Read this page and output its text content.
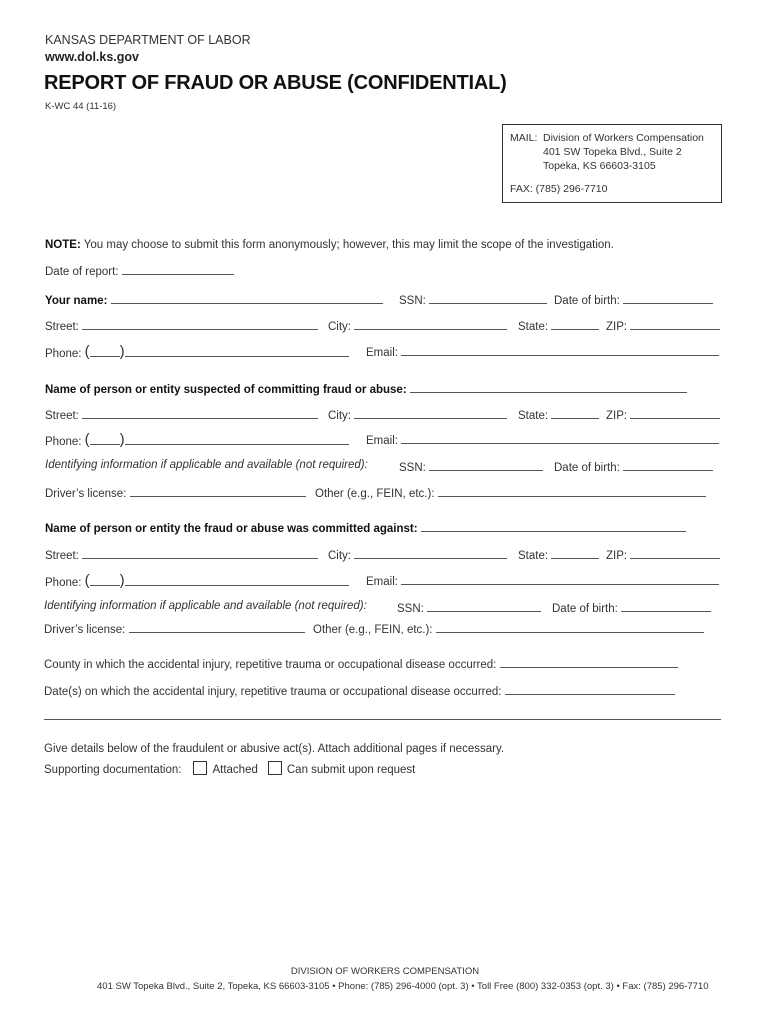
KANSAS DEPARTMENT OF LABOR
www.dol.ks.gov
REPORT OF FRAUD OR ABUSE (CONFIDENTIAL)
K-WC 44 (11-16)
MAIL: Division of Workers Compensation
401 SW Topeka Blvd., Suite 2
Topeka, KS 66603-3105
FAX: (785) 296-7710
NOTE: You may choose to submit this form anonymously; however, this may limit the scope of the investigation.
Date of report:
Your name:	SSN:	Date of birth:
Street:	City:	State:	ZIP:
Phone: ( )	Email:
Name of person or entity suspected of committing fraud or abuse:
Street:	City:	State:	ZIP:
Phone: ( )	Email:
Identifying information if applicable and available (not required):	SSN:	Date of birth:
Driver’s license:	Other (e.g., FEIN, etc.):
Name of person or entity the fraud or abuse was committed against:
Street:	City:	State:	ZIP:
Phone: ( )	Email:
Identifying information if applicable and available (not required):	SSN:	Date of birth:
Driver’s license:	Other (e.g., FEIN, etc.):
County in which the accidental injury, repetitive trauma or occupational disease occurred:
Date(s) on which the accidental injury, repetitive trauma or occupational disease occurred:
Give details below of the fraudulent or abusive act(s). Attach additional pages if necessary.
Supporting documentation:	Attached	Can submit upon request
DIVISION OF WORKERS COMPENSATION
401 SW Topeka Blvd., Suite 2, Topeka, KS 66603-3105 • Phone: (785) 296-4000 (opt. 3) • Toll Free (800) 332-0353 (opt. 3) • Fax: (785) 296-7710
